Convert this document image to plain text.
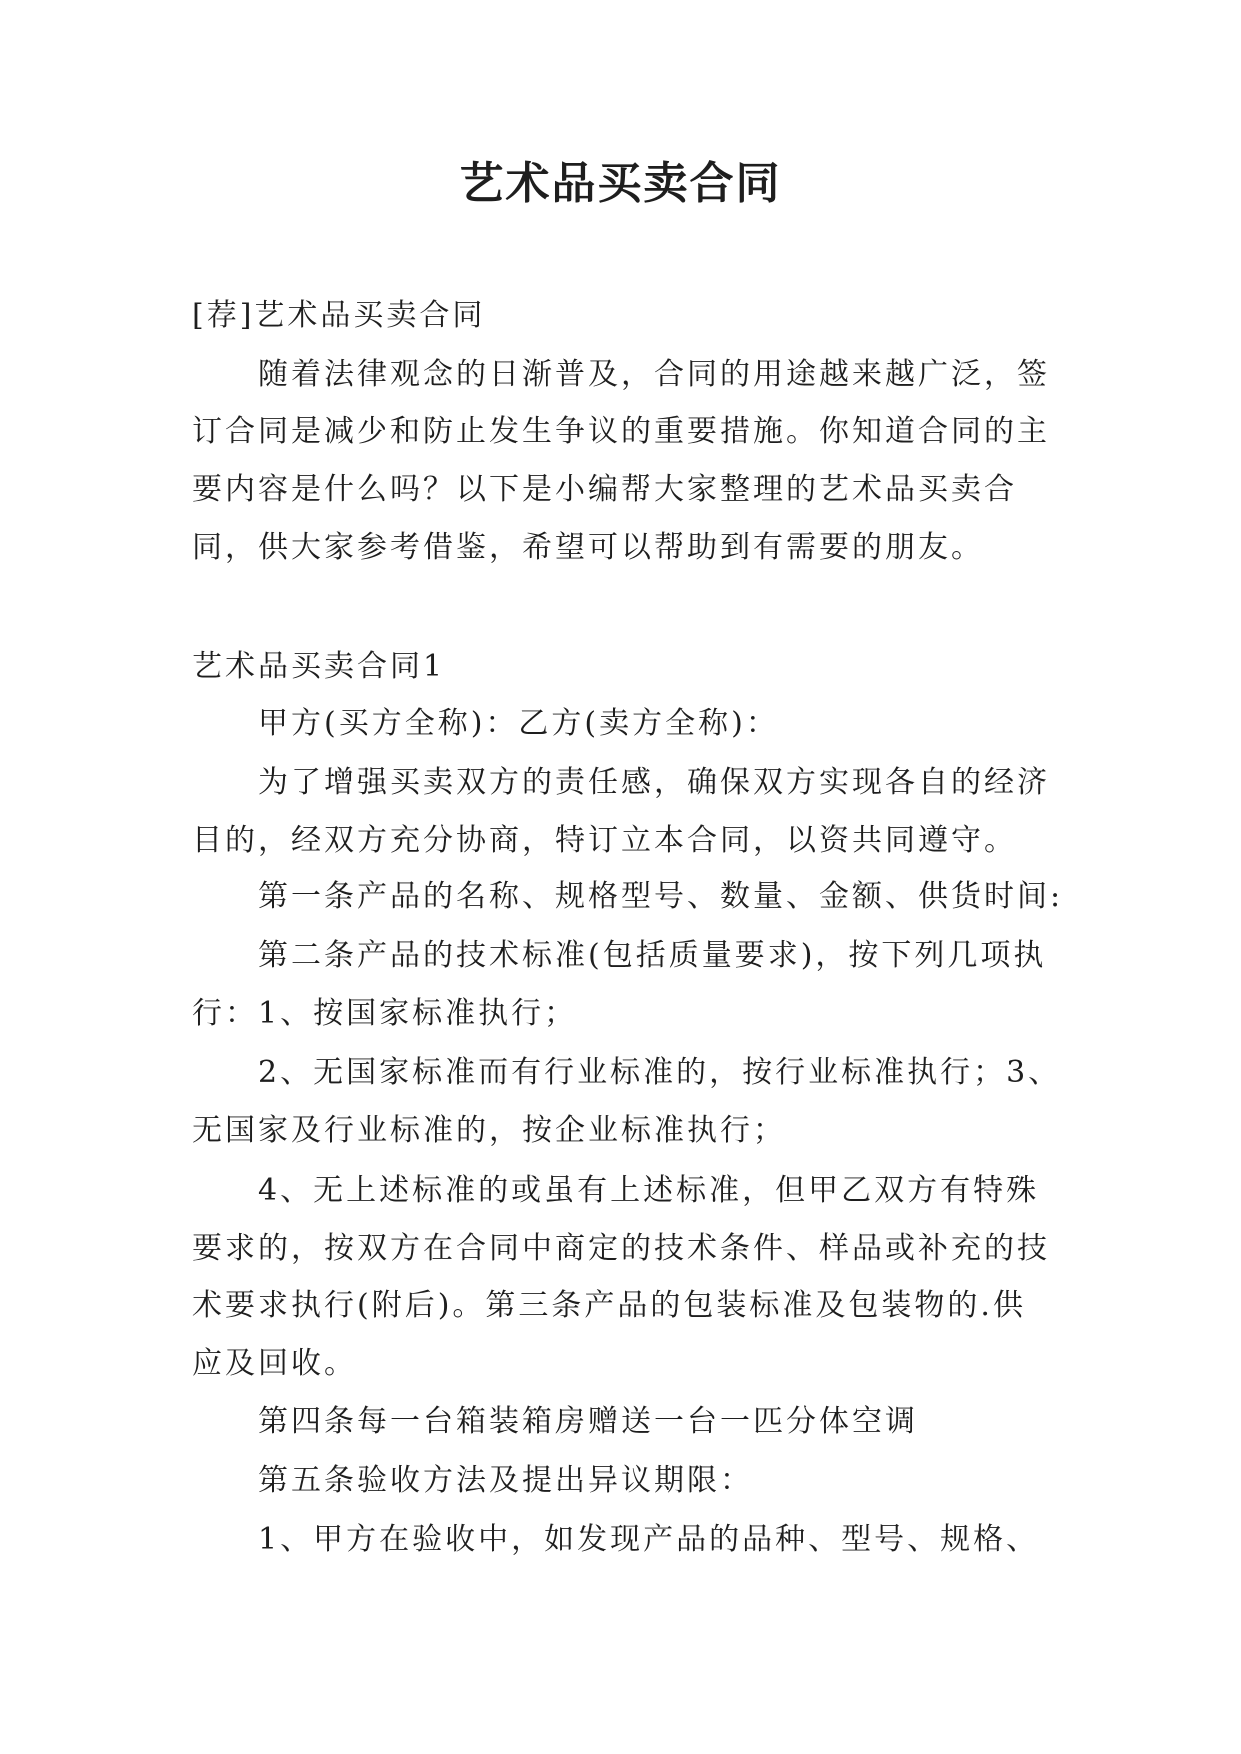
艺术品买卖合同
[荐]艺术品买卖合同
随着法律观念的日渐普及，合同的用途越来越广泛，签
订合同是减少和防止发生争议的重要措施。你知道合同的主
要内容是什么吗？以下是小编帮大家整理的艺术品买卖合
同，供大家参考借鉴，希望可以帮助到有需要的朋友。
艺术品买卖合同1
甲方(买方全称)：乙方(卖方全称)：
为了增强买卖双方的责任感，确保双方实现各自的经济
目的，经双方充分协商，特订立本合同，以资共同遵守。
第一条产品的名称、规格型号、数量、金额、供货时间:
第二条产品的技术标准(包括质量要求)，按下列几项执
行：1、按国家标准执行；
2、无国家标准而有行业标准的，按行业标准执行；3、
无国家及行业标准的，按企业标准执行；
4、无上述标准的或虽有上述标准，但甲乙双方有特殊
要求的，按双方在合同中商定的技术条件、样品或补充的技
术要求执行(附后)。第三条产品的包装标准及包装物的.供
应及回收。
第四条每一台箱装箱房赠送一台一匹分体空调
第五条验收方法及提出异议期限：
1、甲方在验收中，如发现产品的品种、型号、规格、
